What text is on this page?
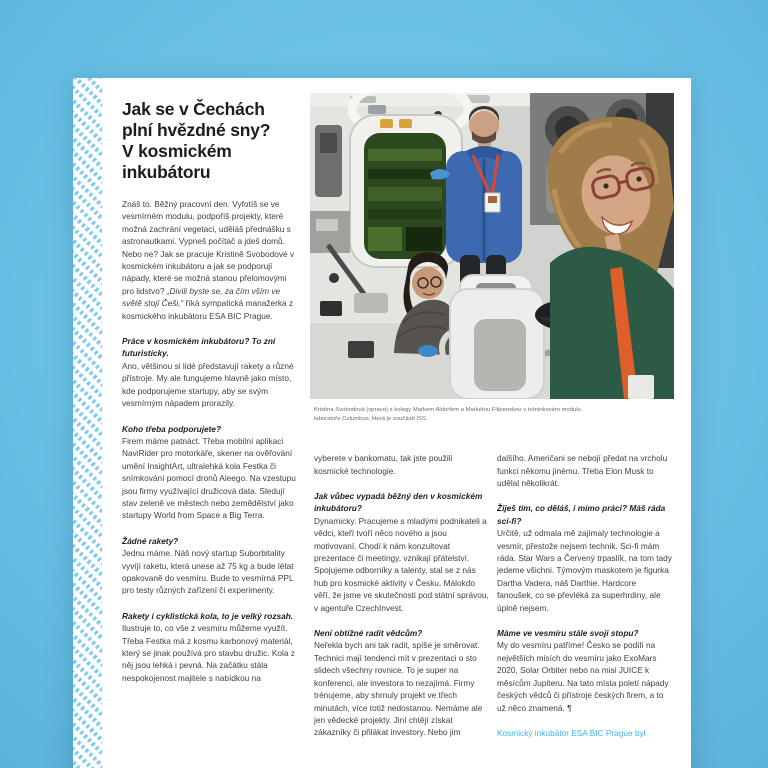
Jak se v Čechách
plní hvězdné sny?
V kosmickém
inkubátoru

Znáš to. Běžný pracovní den. Vyfotíš se ve vesmírném modulu, podpoříš projekty, které možná zachrání vegetaci, uděláš přednášku s astronautkami. Vypneš počítač a jdeš domů. Nebo ne? Jak se pracuje Kristině Svobodové v kosmickém inkubátoru a jak se podporují nápady, které se možná stanou přelomovými pro lidstvo? „Divili byste se, za čím vším ve světě stojí Češi,“ říká sympatická manažerka z kosmického inkubátoru ESA BIC Prague.

Práce v kosmickém inkubátoru? To zní futuristicky.

Ano, většinou si lidé představují rakety a různé přístroje. My ale fungujeme hlavně jako místo, kde podporujeme startupy, aby se svým vesmírným nápadem prorazily.

Koho třeba podporujete?

Firem máme patnáct. Třeba mobilní aplikaci NaviRider pro motorkáře, skener na ověřování umění InsightArt, ultralehká kola Festka či snímkování pomocí dronů Aleego. Na vzestupu jsou firmy využívající družicová data. Sledují stav zeleně ve městech nebo zemědělství jako startupy World from Space a Big Terra.

Žádné rakety?

Jednu máme. Náš nový startup Suborbitality vyvíjí raketu, která unese až 75 kg a bude létat opakovaně do vesmíru. Bude to vesmírná PPL pro testy různých zařízení či experimenty.

Rakety i cyklistická kola, to je velký rozsah.

Ilustruje to, co vše z vesmíru můžeme využít. Třeba Festka má z kosmu karbonový materiál, který se jinak používá pro stavbu družic. Kola z něj jsou lehká i pevná. Na začátku stála nespokojenost majitele s nabídkou na

Kristina Svobodová (vpravo) s kolegy Markem Aldorfem a Markétou Filipenskou v tréninkovém modulu laboratoře Columbus, která je součástí ISS.

vyberete v bankomatu, tak jste použili kosmické technologie.

Jak vůbec vypadá běžný den v kosmickém inkubátoru?

Dynamicky. Pracujeme s mladými podnikateli a vědci, kteří tvoří něco nového a jsou motivovaní. Chodí k nám konzultovat prezentace či meetingy, vznikají přátelství. Spojujeme odborníky a talenty, stal se z nás hub pro kosmické aktivity v Česku. Málokdo věří, že jsme ve skutečnosti pod státní správou, v agentuře CzechInvest.

Není obtížné radit vědcům?

Neřekla bych ani tak radit, spíše je směrovat. Technici mají tendenci mít v prezentaci o sto slidech všechny rovnice. To je super na konferenci, ale investora to nezajímá. Firmy trénujeme, aby shrnuly projekt ve třech minutách, více totiž nedostanou. Nemáme ale jen vědecké projekty. Jiní chtějí získat zákazníky či přilákat investory. Nebo jim

dalšího. Američani se nebojí předat na vrcholu funkci někomu jinému. Třeba Elon Musk to udělal několikrát.

Žiješ tím, co děláš, i mimo práci? Máš ráda sci-fi?

Určitě, už odmala mě zajímaly technologie a vesmír, přestože nejsem technik. Sci-fi mám ráda. Star Wars a Červený trpaslík, na tom tady jedeme všichni. Týmovým maskotem je figurka Dartha Vadera, náš Darthie. Hardcore fanoušek, co se převléká za superhrdiny, ale úplně nejsem.

Máme ve vesmíru stále svoji stopu?

My do vesmíru patříme! Česko se podílí na největších misích do vesmíru jako ExoMars 2020, Solar Orbiter nebo na misi JUICE k měsícům Jupiteru. Na tato místa poletí nápady českých vědců či přístroje českých firem, a to už něco znamená. ¶

Kosmický inkubátor ESA BIC Prague byl
